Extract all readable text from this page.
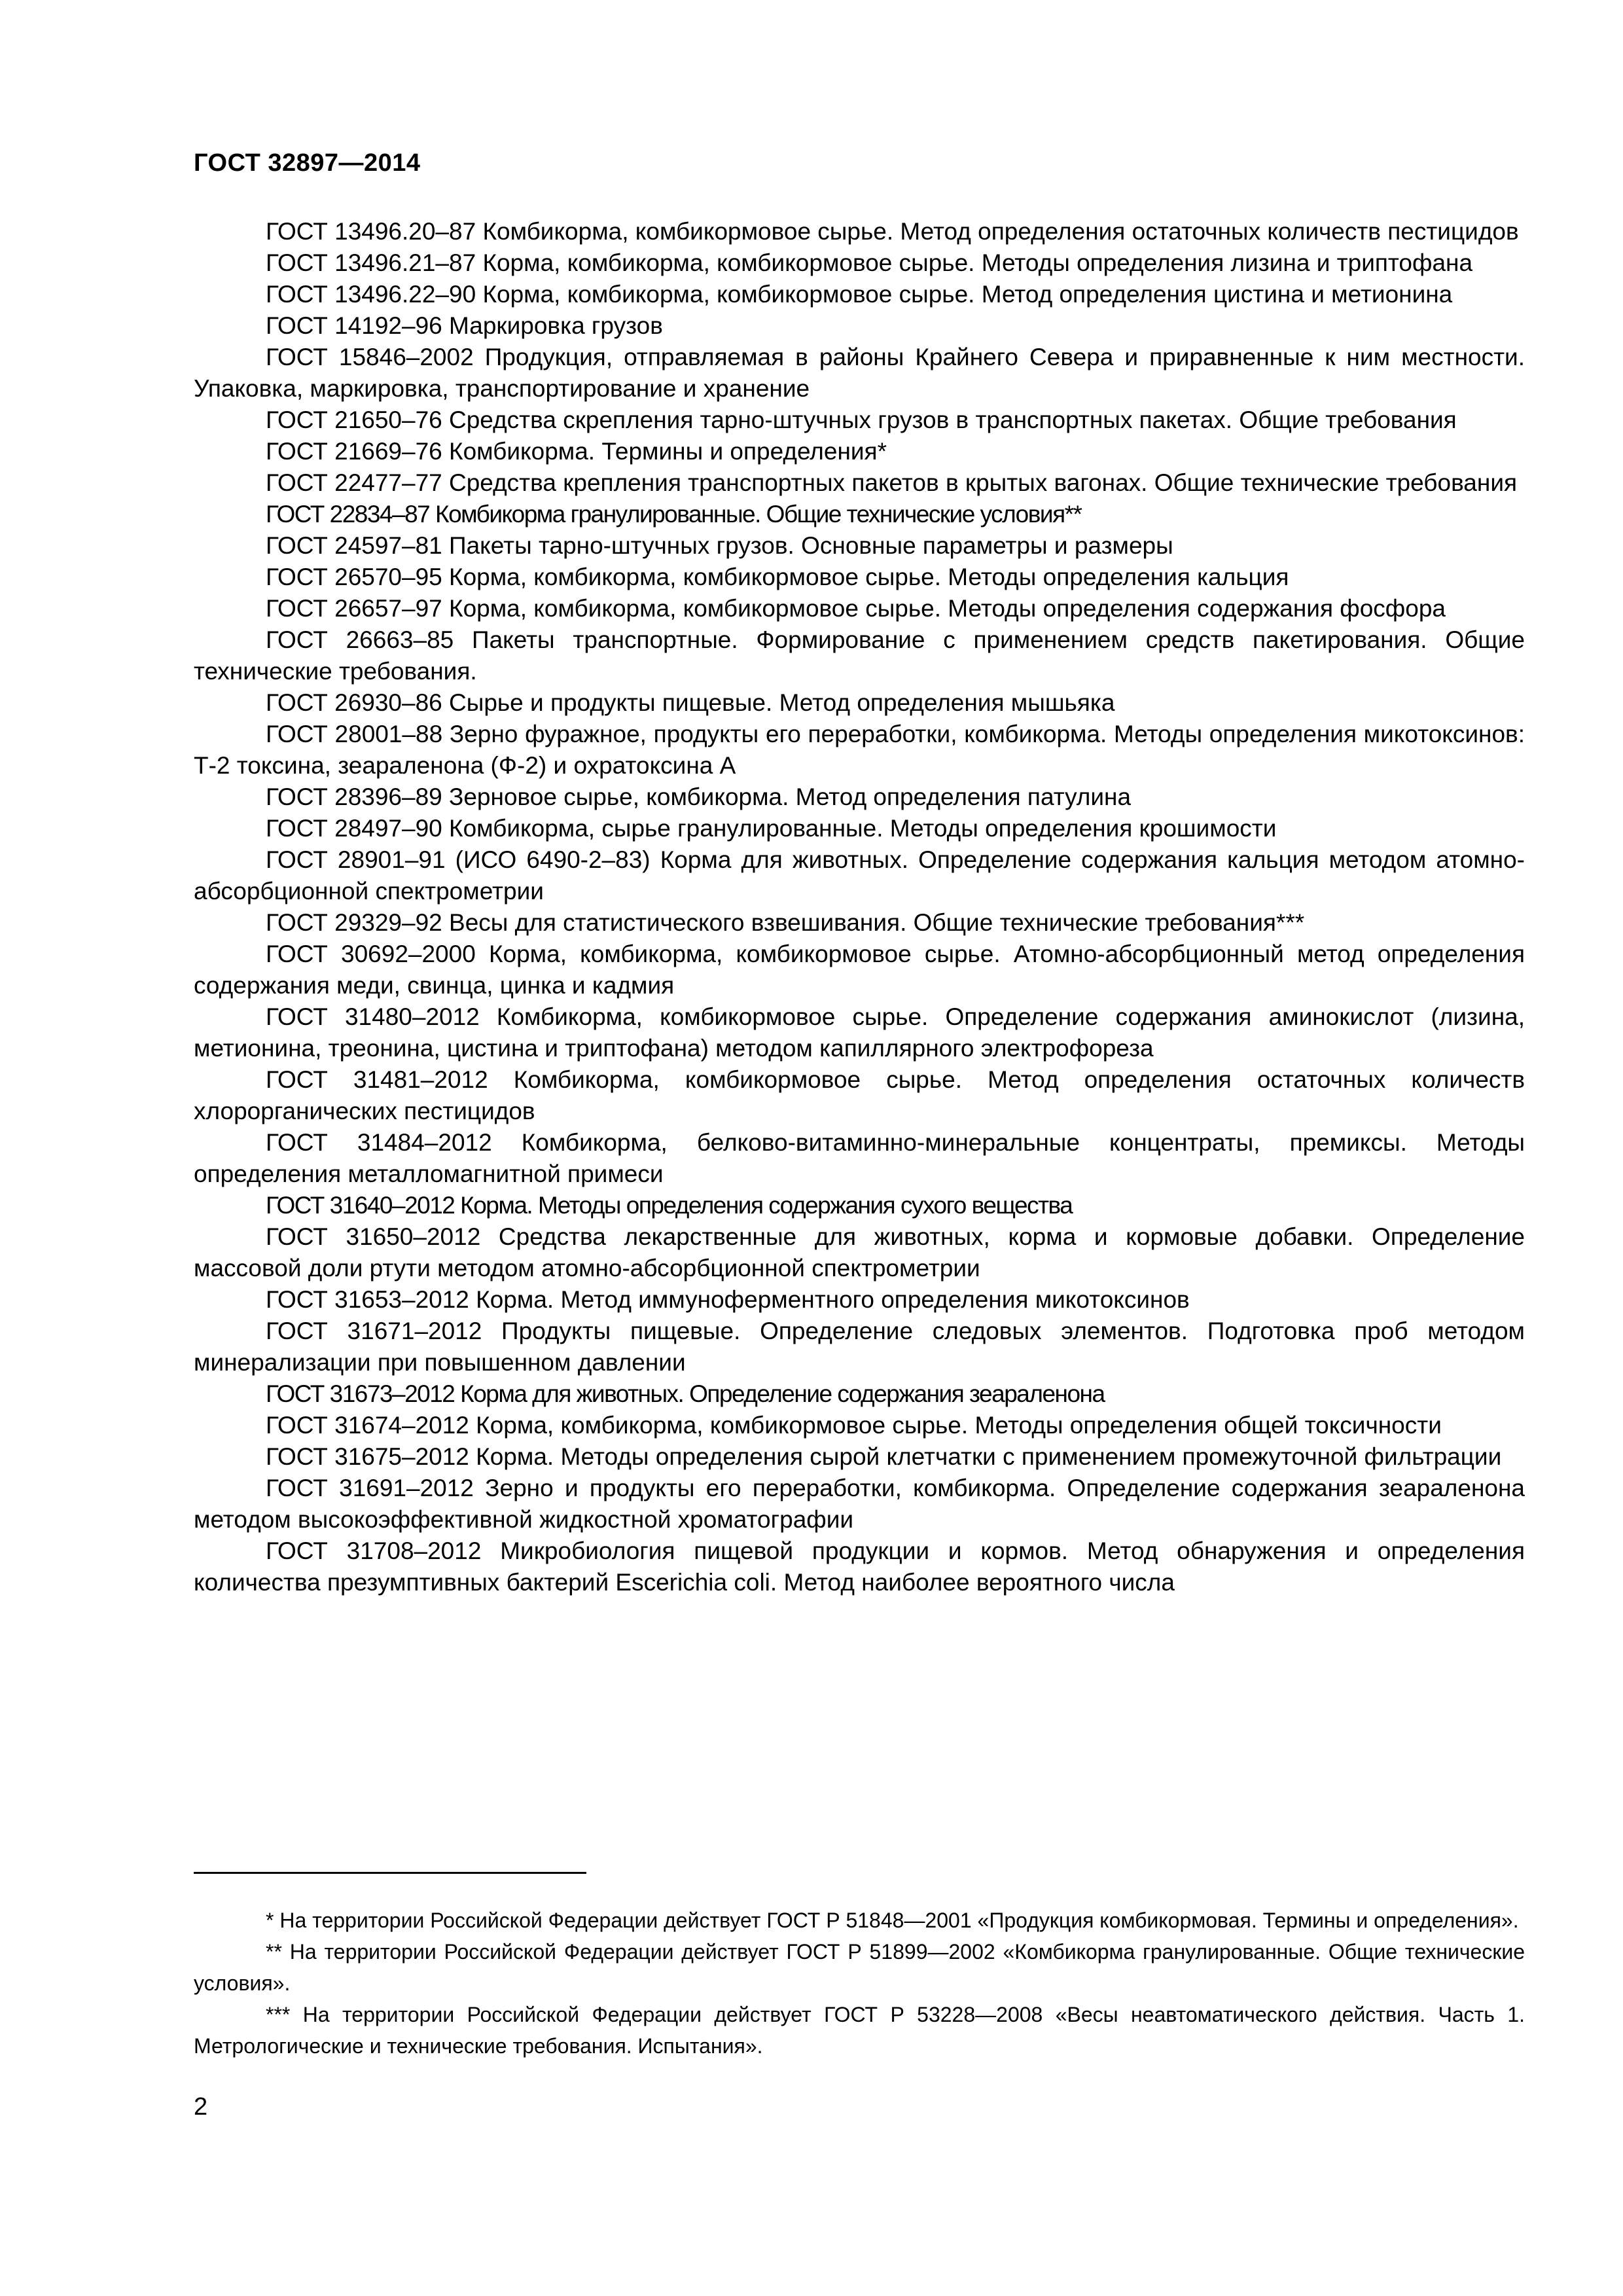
ГОСТ 32897—2014

ГОСТ 13496.20–87 Комбикорма, комбикормовое сырье. Метод определения остаточных количеств пестицидов

ГОСТ 13496.21–87 Корма, комбикорма, комбикормовое сырье. Методы определения лизина и триптофана

ГОСТ 13496.22–90 Корма, комбикорма, комбикормовое сырье. Метод определения цистина и метионина

ГОСТ 14192–96 Маркировка грузов

ГОСТ 15846–2002 Продукция, отправляемая в районы Крайнего Севера и приравненные к ним местности. Упаковка, маркировка, транспортирование и хранение

ГОСТ 21650–76 Средства скрепления тарно-штучных грузов в транспортных пакетах. Общие требования

ГОСТ 21669–76 Комбикорма. Термины и определения*

ГОСТ 22477–77 Средства крепления транспортных пакетов в крытых вагонах. Общие технические требования

ГОСТ 22834–87 Комбикорма гранулированные. Общие технические условия**

ГОСТ 24597–81 Пакеты тарно-штучных грузов. Основные параметры и размеры

ГОСТ 26570–95 Корма, комбикорма, комбикормовое сырье. Методы определения кальция

ГОСТ 26657–97 Корма, комбикорма, комбикормовое сырье. Методы определения содержания фосфора

ГОСТ 26663–85 Пакеты транспортные. Формирование с применением средств пакетирования. Общие технические требования.

ГОСТ 26930–86 Сырье и продукты пищевые. Метод определения мышьяка

ГОСТ 28001–88 Зерно фуражное, продукты его переработки, комбикорма. Методы определения микотоксинов: Т-2 токсина, зеараленона (Ф-2) и охратоксина А

ГОСТ 28396–89 Зерновое сырье, комбикорма. Метод определения патулина

ГОСТ 28497–90 Комбикорма, сырье гранулированные. Методы определения крошимости

ГОСТ 28901–91 (ИСО 6490-2–83) Корма для животных. Определение содержания кальция методом атомно-абсорбционной спектрометрии

ГОСТ 29329–92 Весы для статистического взвешивания. Общие технические требования***

ГОСТ 30692–2000 Корма, комбикорма, комбикормовое сырье. Атомно-абсорбционный метод определения содержания меди, свинца, цинка и кадмия

ГОСТ 31480–2012 Комбикорма, комбикормовое сырье. Определение содержания аминокислот (лизина, метионина, треонина, цистина и триптофана) методом капиллярного электрофореза

ГОСТ 31481–2012 Комбикорма, комбикормовое сырье. Метод определения остаточных количеств хлорорганических пестицидов

ГОСТ 31484–2012 Комбикорма, белково-витаминно-минеральные концентраты, премиксы. Методы определения металломагнитной примеси

ГОСТ 31640–2012 Корма. Методы определения содержания сухого вещества

ГОСТ 31650–2012 Средства лекарственные для животных, корма и кормовые добавки. Определение массовой доли ртути методом атомно-абсорбционной спектрометрии

ГОСТ 31653–2012 Корма. Метод иммуноферментного определения микотоксинов

ГОСТ 31671–2012 Продукты пищевые. Определение следовых элементов. Подготовка проб методом минерализации при повышенном давлении

ГОСТ 31673–2012 Корма для животных. Определение содержания зеараленона

ГОСТ 31674–2012 Корма, комбикорма, комбикормовое сырье. Методы определения общей токсичности

ГОСТ 31675–2012 Корма. Методы определения сырой клетчатки с применением промежуточной фильтрации

ГОСТ 31691–2012 Зерно и продукты его переработки, комбикорма. Определение содержания зеараленона методом высокоэффективной жидкостной хроматографии

ГОСТ 31708–2012 Микробиология пищевой продукции и кормов. Метод обнаружения и определения количества презумптивных бактерий Escerichia coli. Метод наиболее вероятного числа

* На территории Российской Федерации действует ГОСТ Р 51848—2001 «Продукция комбикормовая. Термины и определения».

** На территории Российской Федерации действует ГОСТ Р 51899—2002 «Комбикорма гранулированные. Общие технические условия».

*** На территории Российской Федерации действует ГОСТ Р 53228—2008 «Весы неавтоматического действия. Часть 1. Метрологические и технические требования. Испытания».

2
